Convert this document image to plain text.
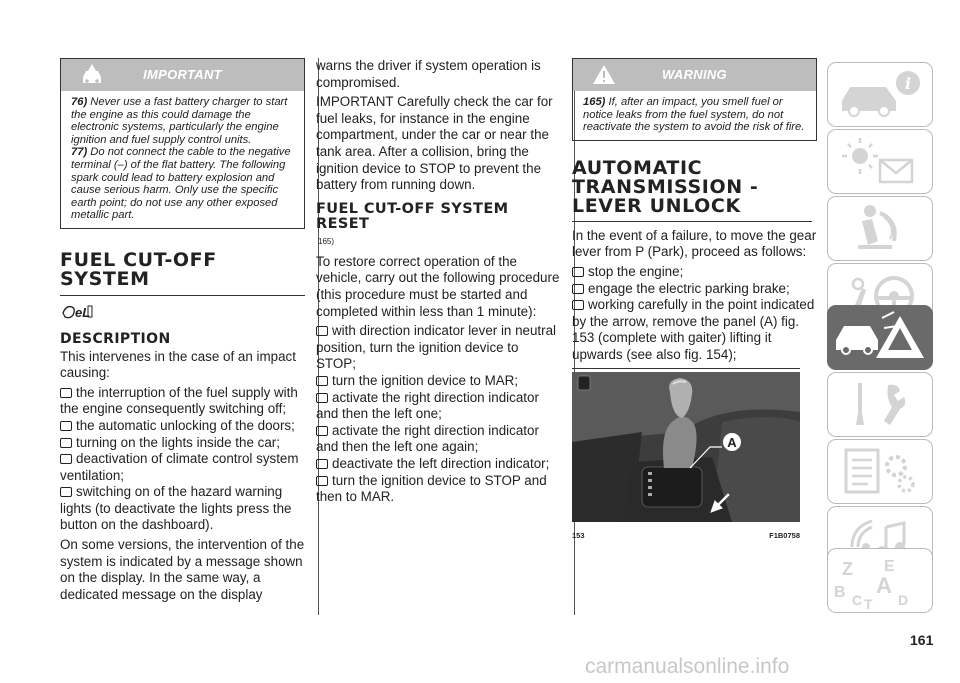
IMPORTANT

76) Never use a fast battery charger to start the engine as this could damage the electronic systems, particularly the engine ignition and fuel supply control units.

77) Do not connect the cable to the negative terminal (–) of the flat battery. The following spark could lead to battery explosion and cause serious harm. Only use the specific earth point; do not use any other exposed metallic part.

FUEL CUT-OFF SYSTEM
eL
DESCRIPTION

This intervenes in the case of an impact causing:

the interruption of the fuel supply with the engine consequently switching off;
the automatic unlocking of the doors;
turning on the lights inside the car;
deactivation of climate control system ventilation;
switching on of the hazard warning lights (to deactivate the lights press the button on the dashboard).

On some versions, the intervention of the system is indicated by a message shown on the display. In the same way, a dedicated message on the display

warns the driver if system operation is compromised.

IMPORTANT Carefully check the car for fuel leaks, for instance in the engine compartment, under the car or near the tank area. After a collision, bring the ignition device to STOP to prevent the battery from running down.

FUEL CUT-OFF SYSTEM RESET

$^{165)}$

To restore correct operation of the vehicle, carry out the following procedure (this procedure must be started and completed within less than 1 minute):

with direction indicator lever in neutral position, turn the ignition device to STOP;
turn the ignition device to MAR;
activate the right direction indicator and then the left one;
activate the right direction indicator and then the left one again;
deactivate the left direction indicator;
turn the ignition device to STOP and then to MAR.
WARNING

165) If, after an impact, you smell fuel or notice leaks from the fuel system, do not reactivate the system to avoid the risk of fire.

AUTOMATIC TRANSMISSION - LEVER UNLOCK

In the event of a failure, to move the gear lever from P (Park), proceed as follows:

stop the engine;
engage the electric parking brake;
working carefully in the point indicated by the arrow, remove the panel (A) fig. 153 (complete with gaiter) lifting it upwards (see also fig. 154);
A
153	F1B0758
i
Z E
B A
C T D
161
carmanualsonline.info
